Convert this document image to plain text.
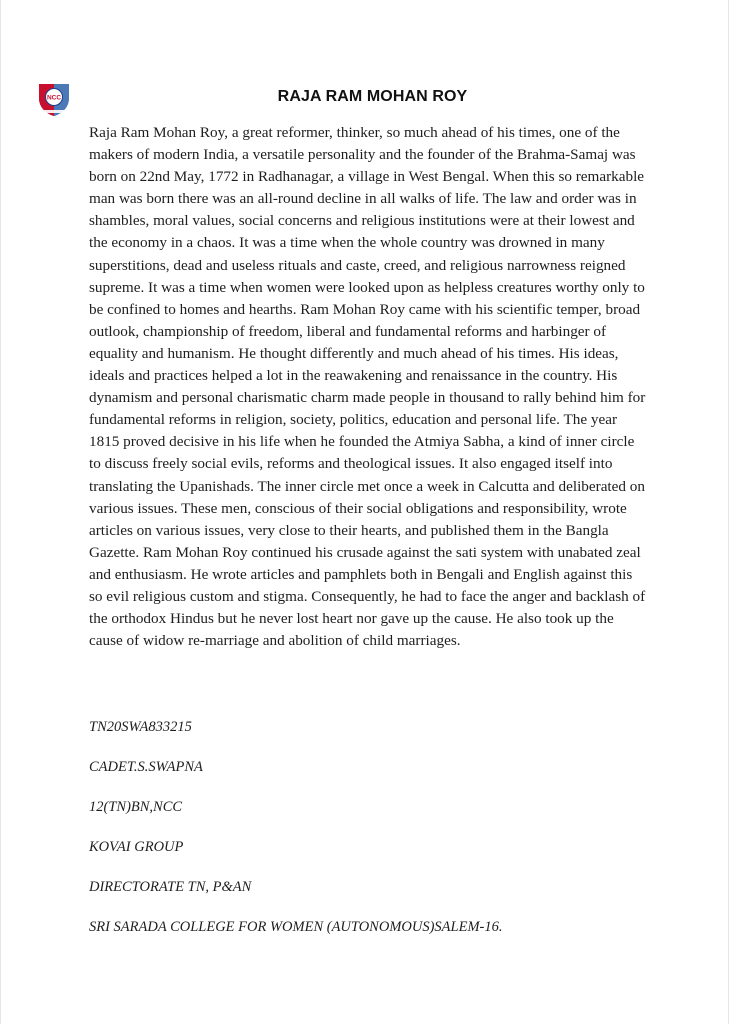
NCC	RAJA RAM MOHAN ROY

Raja Ram Mohan Roy, a great reformer, thinker, so much ahead of his times, one of the makers of modern India, a versatile personality and the founder of the Brahma-Samaj was born on 22nd May, 1772 in Radhanagar, a village in West Bengal. When this so remarkable man was born there was an all-round decline in all walks of life. The law and order was in shambles, moral values, social concerns and religious institutions were at their lowest and the economy in a chaos. It was a time when the whole country was drowned in many superstitions, dead and useless rituals and caste, creed, and religious narrowness reigned supreme. It was a time when women were looked upon as helpless creatures worthy only to be confined to homes and hearths. Ram Mohan Roy came with his scientific temper, broad outlook, championship of freedom, liberal and fundamental reforms and harbinger of equality and humanism. He thought differently and much ahead of his times. His ideas, ideals and practices helped a lot in the reawakening and renaissance in the country. His dynamism and personal charismatic charm made people in thousand to rally behind him for fundamental reforms in religion, society, politics, education and personal life. The year 1815 proved decisive in his life when he founded the Atmiya Sabha, a kind of inner circle to discuss freely social evils, reforms and theological issues. It also engaged itself into translating the Upanishads. The inner circle met once a week in Calcutta and deliberated on various issues. These men, conscious of their social obligations and responsibility, wrote articles on various issues, very close to their hearts, and published them in the Bangla Gazette. Ram Mohan Roy continued his crusade against the sati system with unabated zeal and enthusiasm. He wrote articles and pamphlets both in Bengali and English against this so evil religious custom and stigma. Consequently, he had to face the anger and backlash of the orthodox Hindus but he never lost heart nor gave up the cause. He also took up the cause of widow re-marriage and abolition of child marriages.

TN20SWA833215
CADET.S.SWAPNA
12(TN)BN,NCC
KOVAI GROUP
DIRECTORATE TN, P&AN
SRI SARADA COLLEGE FOR WOMEN (AUTONOMOUS)SALEM-16.
